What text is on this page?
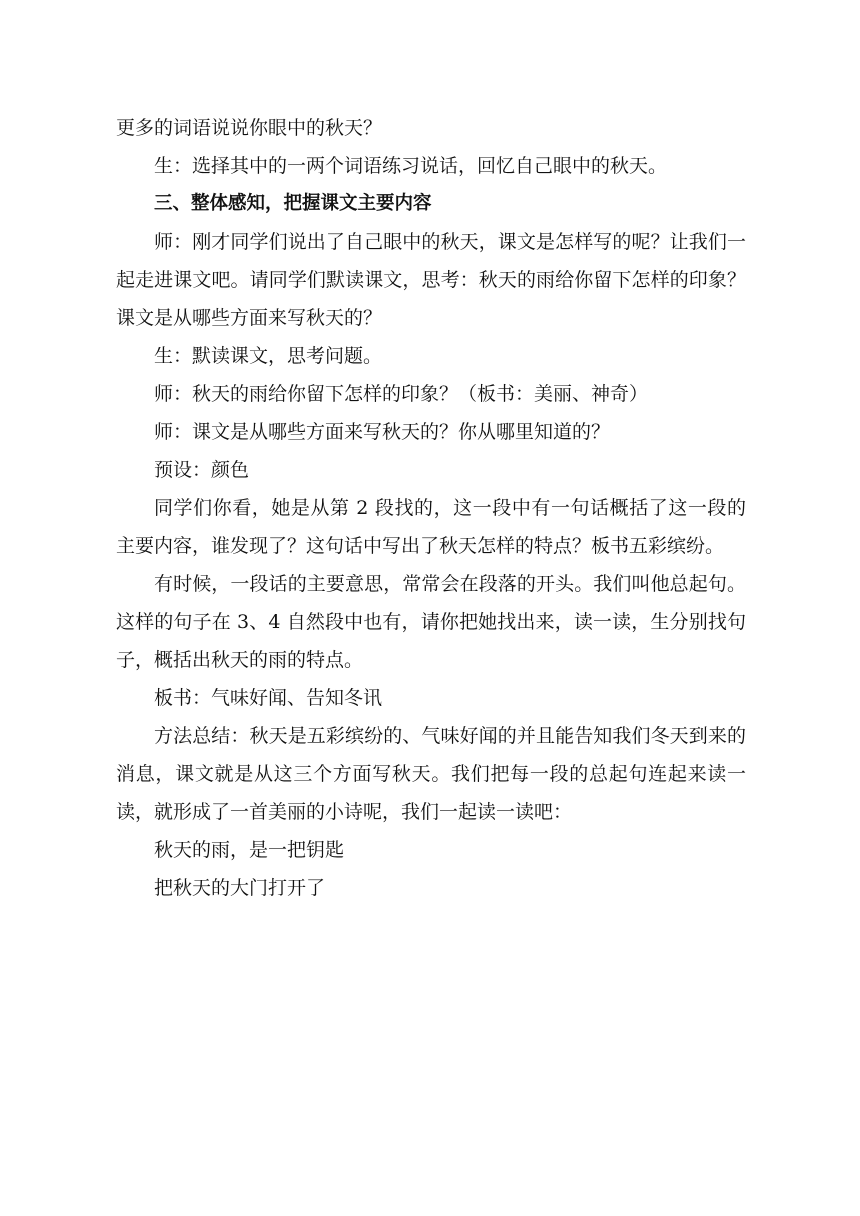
更多的词语说说你眼中的秋天？

生：选择其中的一两个词语练习说话，回忆自己眼中的秋天。

三、整体感知，把握课文主要内容

师：刚才同学们说出了自己眼中的秋天，课文是怎样写的呢？让我们一起走进课文吧。请同学们默读课文，思考：秋天的雨给你留下怎样的印象？课文是从哪些方面来写秋天的？

生：默读课文，思考问题。

师：秋天的雨给你留下怎样的印象？（板书：美丽、神奇）

师：课文是从哪些方面来写秋天的？你从哪里知道的？

预设：颜色

同学们你看，她是从第 2 段找的，这一段中有一句话概括了这一段的主要内容，谁发现了？这句话中写出了秋天怎样的特点？板书五彩缤纷。

有时候，一段话的主要意思，常常会在段落的开头。我们叫他总起句。这样的句子在 3、4 自然段中也有，请你把她找出来，读一读，生分别找句子，概括出秋天的雨的特点。

板书：气味好闻、告知冬讯

方法总结：秋天是五彩缤纷的、气味好闻的并且能告知我们冬天到来的消息，课文就是从这三个方面写秋天。我们把每一段的总起句连起来读一读，就形成了一首美丽的小诗呢，我们一起读一读吧：

秋天的雨，是一把钥匙

把秋天的大门打开了
